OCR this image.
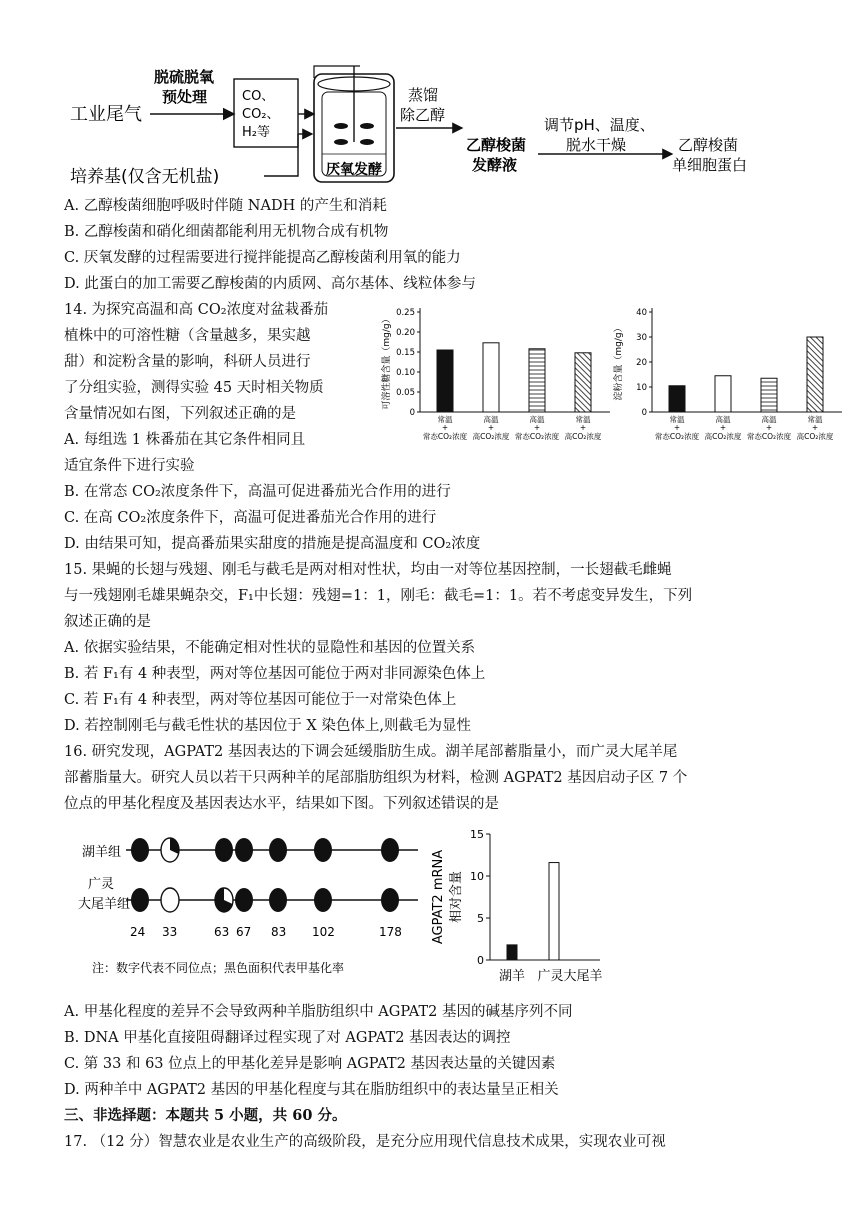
工业尾气
脱硫脱氧
预处理	CO、
CO₂、
H₂等
厌氧发酵
培养基(仅含无机盐)
蒸馏
除乙醇
乙醇梭菌
发酵液
调节pH、温度、
脱水干燥	乙醇梭菌
单细胞蛋白
A. 乙醇梭菌细胞呼吸时伴随 NADH 的产生和消耗
B. 乙醇梭菌和硝化细菌都能利用无机物合成有机物
C. 厌氧发酵的过程需要进行搅拌能提高乙醇梭菌利用氧的能力
D. 此蛋白的加工需要乙醇梭菌的内质网、高尔基体、线粒体参与
14. 为探究高温和高 CO₂浓度对盆栽番茄
植株中的可溶性糖（含量越多，果实越
甜）和淀粉含量的影响，科研人员进行
了分组实验，测得实验 45 天时相关物质
含量情况如右图，下列叙述正确的是
A. 每组选 1 株番茄在其它条件相同且
适宜条件下进行实验
B. 在常态 CO₂浓度条件下，高温可促进番茄光合作用的进行
C. 在高 CO₂浓度条件下，高温可促进番茄光合作用的进行
D. 由结果可知，提高番茄果实甜度的措施是提高温度和 CO₂浓度
可溶性糖含量（mg/g）
0
0.05
0.10
0.15
0.20
0.25
常温
+
常态CO₂浓度
高温
+
高CO₂浓度
高温
+
常态CO₂浓度
常温
+
高CO₂浓度
淀粉含量（mg/g）
0
10
20
30
40
常温
+
常态CO₂浓度
高温
+
高CO₂浓度
高温
+
常态CO₂浓度
常温
+
高CO₂浓度
15. 果蝇的长翅与残翅、刚毛与截毛是两对相对性状，均由一对等位基因控制，一长翅截毛雌蝇
与一残翅刚毛雄果蝇杂交，F₁中长翅：残翅=1：1，刚毛：截毛=1：1。若不考虑变异发生，下列
叙述正确的是
A. 依据实验结果，不能确定相对性状的显隐性和基因的位置关系
B. 若 F₁有 4 种表型，两对等位基因可能位于两对非同源染色体上
C. 若 F₁有 4 种表型，两对等位基因可能位于一对常染色体上
D. 若控制刚毛与截毛性状的基因位于 X 染色体上,则截毛为显性
16. 研究发现，AGPAT2 基因表达的下调会延缓脂肪生成。湖羊尾部蓄脂量小，而广灵大尾羊尾
部蓄脂量大。研究人员以若干只两种羊的尾部脂肪组织为材料，检测 AGPAT2 基因启动子区 7 个
位点的甲基化程度及基因表达水平，结果如下图。下列叙述错误的是
湖羊组
广灵
大尾羊组
24 33	63 67 83 102	178
注：数字代表不同位点；黑色面积代表甲基化率
AGPAT2 mRNA 相对含量
0
5
10
15
湖羊 广灵大尾羊
A. 甲基化程度的差异不会导致两种羊脂肪组织中 AGPAT2 基因的碱基序列不同
B. DNA 甲基化直接阻碍翻译过程实现了对 AGPAT2 基因表达的调控
C. 第 33 和 63 位点上的甲基化差异是影响 AGPAT2 基因表达量的关键因素
D. 两种羊中 AGPAT2 基因的甲基化程度与其在脂肪组织中的表达量呈正相关
三、非选择题：本题共 5 小题，共 60 分。
17. （12 分）智慧农业是农业生产的高级阶段，是充分应用现代信息技术成果，实现农业可视
